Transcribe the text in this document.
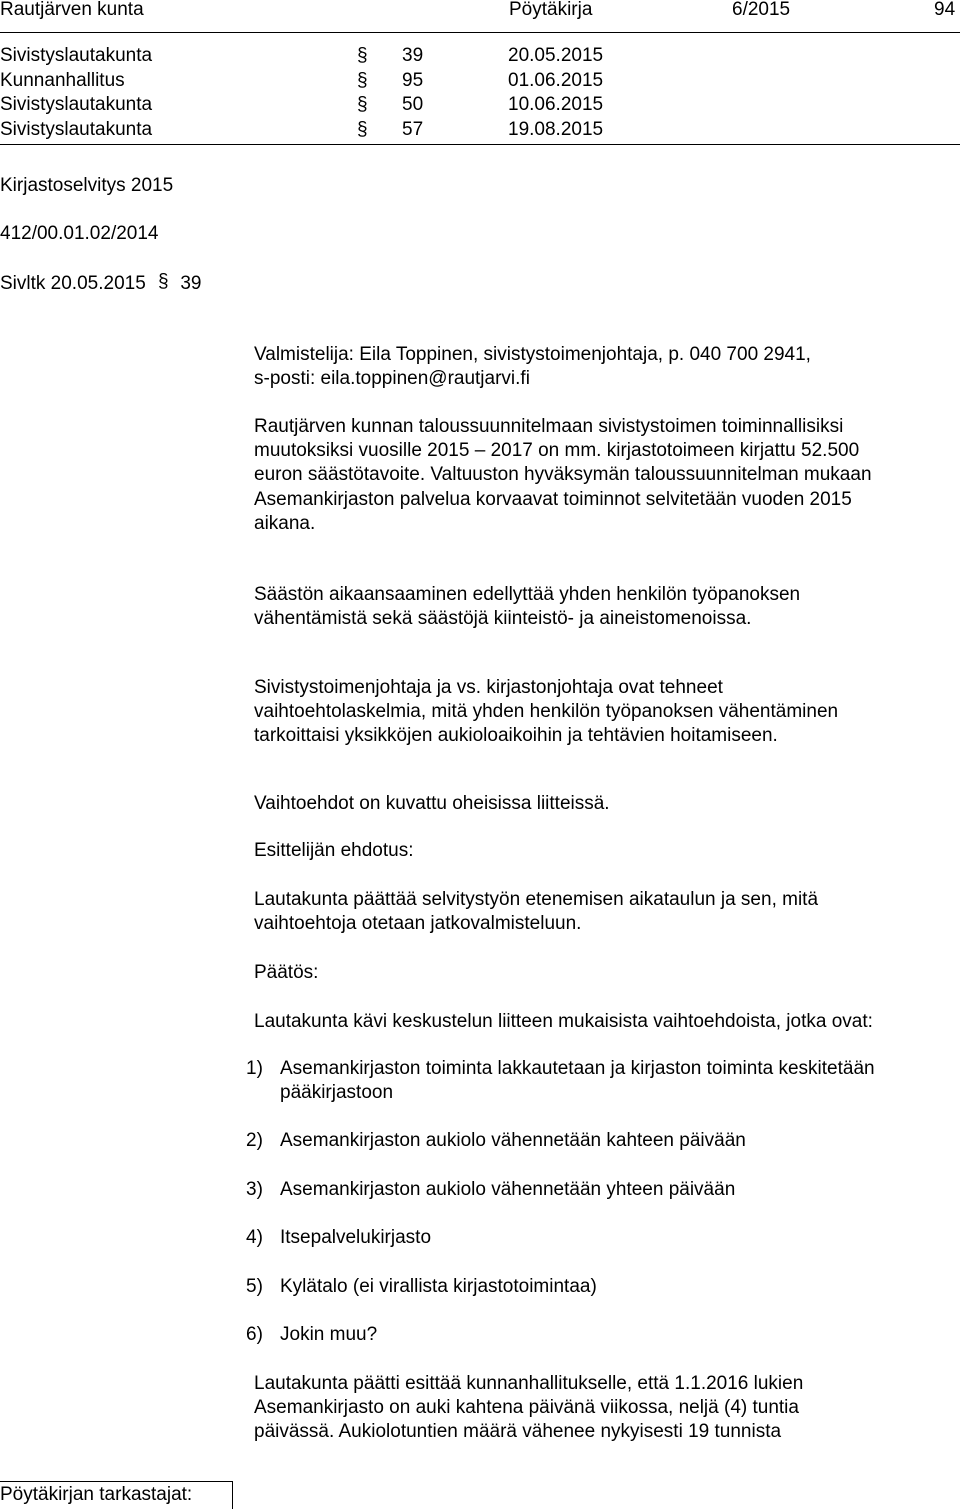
Rautjärven kunta	Pöytäkirja	6/2015	94
Sivistyslautakunta	§ 39	20.05.2015
Kunnanhallitus	§ 95	01.06.2015
Sivistyslautakunta	§ 50	10.06.2015
Sivistyslautakunta	§ 57	19.08.2015
Kirjastoselvitys 2015
412/00.01.02/2014
Sivltk 20.05.2015 § 39
Valmistelija: Eila Toppinen, sivistystoimenjohtaja, p. 040 700 2941,
s-posti: eila.toppinen@rautjarvi.fi
Rautjärven kunnan taloussuunnitelmaan sivistystoimen toiminnallisiksi
muutoksiksi vuosille 2015 – 2017 on mm. kirjastotoimeen kirjattu 52.500
euron säästötavoite. Valtuuston hyväksymän taloussuunnitelman mukaan
Asemankirjaston palvelua korvaavat toiminnot selvitetään vuoden 2015
aikana.
Säästön aikaansaaminen edellyttää yhden henkilön työpanoksen
vähentämistä sekä säästöjä kiinteistö- ja aineistomenoissa.
Sivistystoimenjohtaja ja vs. kirjastonjohtaja ovat tehneet
vaihtoehtolaskelmia, mitä yhden henkilön työpanoksen vähentäminen
tarkoittaisi yksikköjen aukioloaikoihin ja tehtävien hoitamiseen.
Vaihtoehdot on kuvattu oheisissa liitteissä.
Esittelijän ehdotus:
Lautakunta päättää selvitystyön etenemisen aikataulun ja sen, mitä
vaihtoehtoja otetaan jatkovalmisteluun.
Päätös:
Lautakunta kävi keskustelun liitteen mukaisista vaihtoehdoista, jotka ovat:
1) Asemankirjaston toiminta lakkautetaan ja kirjaston toiminta keskitetään
pääkirjastoon
2) Asemankirjaston aukiolo vähennetään kahteen päivään
3) Asemankirjaston aukiolo vähennetään yhteen päivään
4) Itsepalvelukirjasto
5) Kylätalo (ei virallista kirjastotoimintaa)
6) Jokin muu?
Lautakunta päätti esittää kunnanhallitukselle, että 1.1.2016 lukien
Asemankirjasto on auki kahtena päivänä viikossa, neljä (4) tuntia
päivässä. Aukiolotuntien määrä vähenee nykyisesti 19 tunnista
Pöytäkirjan tarkastajat:
